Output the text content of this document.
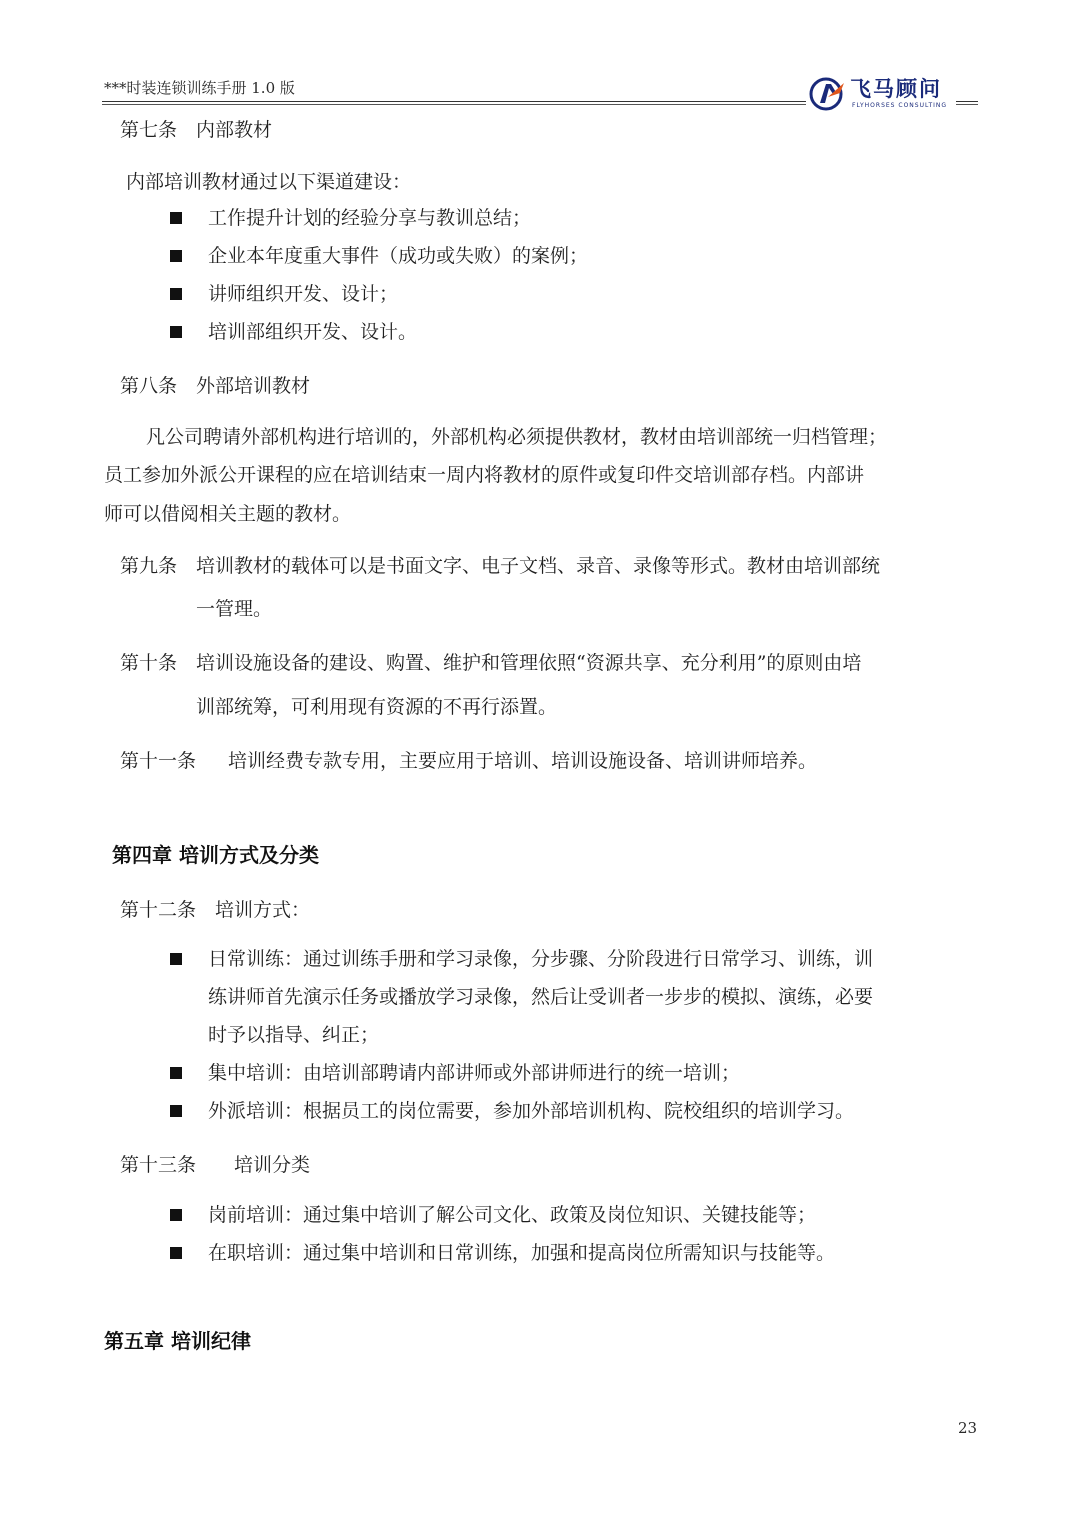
***时装连锁训练手册 1.0 版	飞马顾问
FLYHORSES CONSULTING
第七条　内部教材
内部培训教材通过以下渠道建设：
工作提升计划的经验分享与教训总结；
企业本年度重大事件（成功或失败）的案例；
讲师组织开发、设计；
培训部组织开发、设计。
第八条　外部培训教材
凡公司聘请外部机构进行培训的，外部机构必须提供教材，教材由培训部统一归档管理；
员工参加外派公开课程的应在培训结束一周内将教材的原件或复印件交培训部存档。内部讲
师可以借阅相关主题的教材。
第九条 培训教材的载体可以是书面文字、电子文档、录音、录像等形式。教材由培训部统
一管理。
第十条 培训设施设备的建设、购置、维护和管理依照“资源共享、充分利用”的原则由培
训部统筹，可利用现有资源的不再行添置。
第十一条 培训经费专款专用，主要应用于培训、培训设施设备、培训讲师培养。
第四章 培训方式及分类
第十二条　培训方式：
日常训练：通过训练手册和学习录像，分步骤、分阶段进行日常学习、训练，训
练讲师首先演示任务或播放学习录像，然后让受训者一步步的模拟、演练，必要
时予以指导、纠正；
集中培训：由培训部聘请内部讲师或外部讲师进行的统一培训；
外派培训：根据员工的岗位需要，参加外部培训机构、院校组织的培训学习。
第十三条　　培训分类
岗前培训：通过集中培训了解公司文化、政策及岗位知识、关键技能等；
在职培训：通过集中培训和日常训练，加强和提高岗位所需知识与技能等。
第五章 培训纪律
23
